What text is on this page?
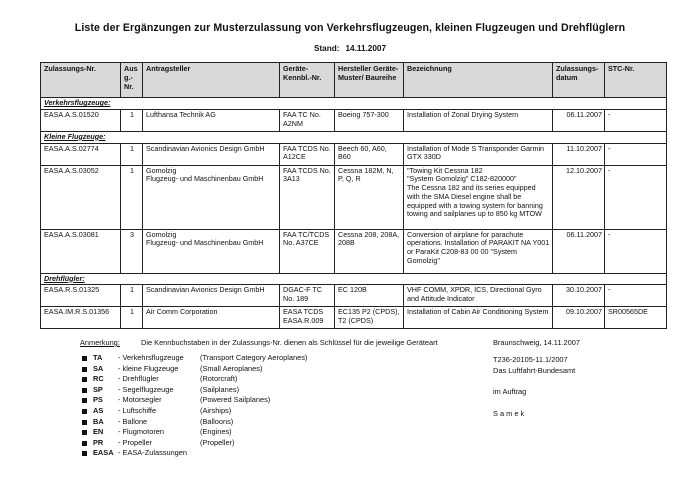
Liste der Ergänzungen zur Musterzulassung von Verkehrsflugzeugen, kleinen Flugzeugen und Drehflüglern
Stand: 14.11.2007
Zulassungs-Nr.	Ausg.-Nr.	Antragsteller	Geräte-Kennbl.-Nr.	Hersteller Geräte-Muster/ Baureihe	Bezeichnung	Zulassungs-datum	STC-Nr.
Verkehrsflugzeuge:							
EASA.A.S.01520	1	Lufthansa Technik AG	FAA TC No. A2NM	Boeing 757-300	Installation of Zonal Drying System	06.11.2007	-
Kleine Flugzeuge:							
EASA.A.S.02774	1	Scandinavian Avionics Design GmbH	FAA TCDS No. A12CE	Beech 60, A60, B60	Installation of Mode S Transponder Garmin GTX 330D	11.10.2007	-
EASA.A.S.03052	1	Gomolzig
Flugzeug- und Maschinenbau GmbH	FAA TCDS No. 3A13	Cessna 182M, N, P, Q, R	"Towing Kit Cessna 182
"System Gomolzig" C182-820000"
The Cessna 182 and its series equipped with the SMA Diesel engine shall be equipped with a towing system for banning towing and sailplanes up to 850 kg MTOW	12.10.2007	-
EASA.A.S.03081	3	Gomolzig
Flugzeug- und Maschinenbau GmbH	FAA TC/TCDS No. A37CE	Cessna 208, 208A, 208B	Conversion of airplane for parachute operations. Installation of PARAKIT NA Y001 or ParaKit C208-83 00 00 "System Gomolzig"	06.11.2007	-
Drehflügler:							
EASA.R.S.01325	1	Scandinavian Avionics Design GmbH	DGAC-F TC No. 189	EC 120B	VHF COMM, XPDR, ICS, Directional Gyro and Attitude Indicator	30.10.2007	-
EASA.IM.R.S.01356	1	Air Comm Corporation	EASA TCDS EASA.R.009	EC135 P2 (CPDS), T2 (CPDS)	Installation of Cabin Air Conditioning System	09.10.2007	SR00565DE
Anmerkung:	Die Kennbuchstaben in der Zulassungs-Nr. dienen als Schlüssel für die jeweilige Geräteart
TA - Verkehrsflugzeuge (Transport Category Aeroplanes)
SA - kleine Flugzeuge	(Small Aeroplanes)
RC - Drehflügler	(Rotorcraft)
SP - Segelflugzeuge	(Sailplanes)
PS - Motorsegler	(Powered Sailplanes)
AS - Luftschiffe	(Airships)
BA - Ballone	(Balloons)
EN - Flugmotoren	(Engines)
PR - Propeller	(Propeller)
EASA - EASA-Zulassungen
Braunschweig, 14.11.2007
T236-20105-11.1/2007
Das Luftfahrt-Bundesamt
im Auftrag
S a m e k
